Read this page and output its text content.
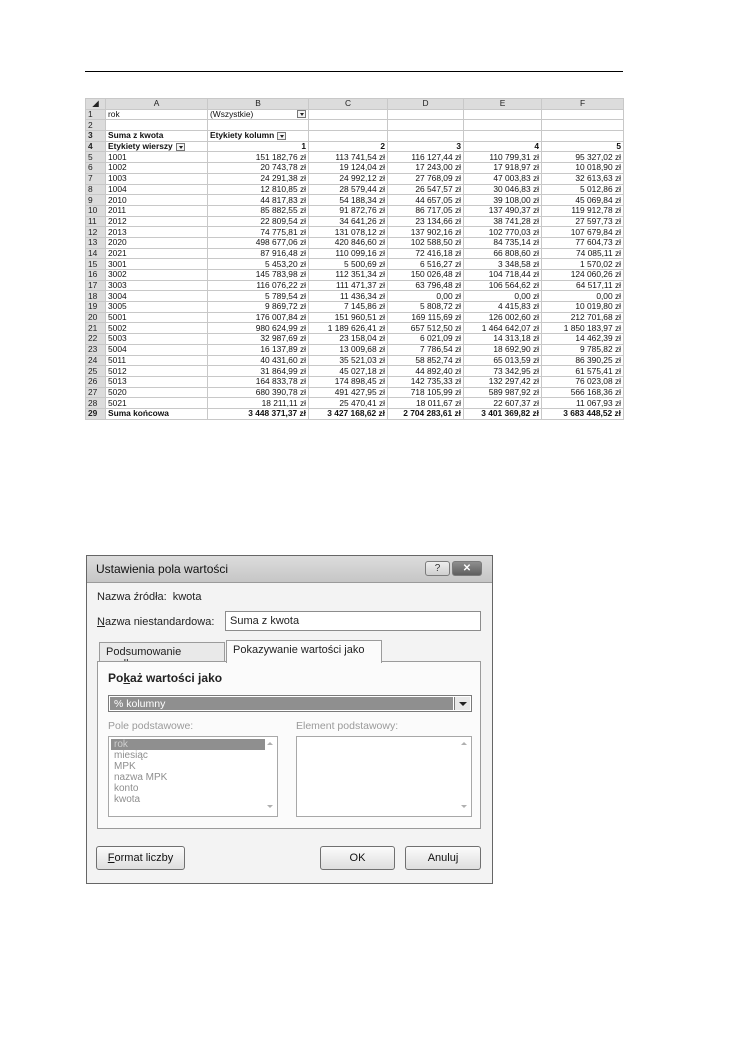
◢	A	B	C	D	E	F
1	rok	(Wszystkie)

2						
3	Suma z kwota	Etykiety kolumn				
4	Etykiety wierszy	1	2	3	4	5
5	1001	151 182,76 zł	113 741,54 zł	116 127,44 zł	110 799,31 zł	95 327,02 zł
6	1002	20 743,78 zł	19 124,04 zł	17 243,00 zł	17 918,97 zł	10 018,90 zł
7	1003	24 291,38 zł	24 992,12 zł	27 768,09 zł	47 003,83 zł	32 613,63 zł
8	1004	12 810,85 zł	28 579,44 zł	26 547,57 zł	30 046,83 zł	5 012,86 zł
9	2010	44 817,83 zł	54 188,34 zł	44 657,05 zł	39 108,00 zł	45 069,84 zł
10	2011	85 882,55 zł	91 872,76 zł	86 717,05 zł	137 490,37 zł	119 912,78 zł
11	2012	22 809,54 zł	34 641,26 zł	23 134,66 zł	38 741,28 zł	27 597,73 zł
12	2013	74 775,81 zł	131 078,12 zł	137 902,16 zł	102 770,03 zł	107 679,84 zł
13	2020	498 677,06 zł	420 846,60 zł	102 588,50 zł	84 735,14 zł	77 604,73 zł
14	2021	87 916,48 zł	110 099,16 zł	72 416,18 zł	66 808,60 zł	74 085,11 zł
15	3001	5 453,20 zł	5 500,69 zł	6 516,27 zł	3 348,58 zł	1 570,02 zł
16	3002	145 783,98 zł	112 351,34 zł	150 026,48 zł	104 718,44 zł	124 060,26 zł
17	3003	116 076,22 zł	111 471,37 zł	63 796,48 zł	106 564,62 zł	64 517,11 zł
18	3004	5 789,54 zł	11 436,34 zł	0,00 zł	0,00 zł	0,00 zł
19	3005	9 869,72 zł	7 145,86 zł	5 808,72 zł	4 415,83 zł	10 019,80 zł
20	5001	176 007,84 zł	151 960,51 zł	169 115,69 zł	126 002,60 zł	212 701,68 zł
21	5002	980 624,99 zł	1 189 626,41 zł	657 512,50 zł	1 464 642,07 zł	1 850 183,97 zł
22	5003	32 987,69 zł	23 158,04 zł	6 021,09 zł	14 313,18 zł	14 462,39 zł
23	5004	16 137,89 zł	13 009,68 zł	7 786,54 zł	18 692,90 zł	9 785,82 zł
24	5011	40 431,60 zł	35 521,03 zł	58 852,74 zł	65 013,59 zł	86 390,25 zł
25	5012	31 864,99 zł	45 027,18 zł	44 892,40 zł	73 342,95 zł	61 575,41 zł
26	5013	164 833,78 zł	174 898,45 zł	142 735,33 zł	132 297,42 zł	76 023,08 zł
27	5020	680 390,78 zł	491 427,95 zł	718 105,99 zł	589 987,92 zł	566 168,36 zł
28	5021	18 211,11 zł	25 470,41 zł	18 011,67 zł	22 607,37 zł	11 067,93 zł
29	Suma końcowa	3 448 371,37 zł	3 427 168,62 zł	2 704 283,61 zł	3 401 369,82 zł	3 683 448,52 zł
Ustawienia pola wartości	?	✕
Nazwa źródła: kwota
Nazwa niestandardowa:
Suma z kwota
Podsumowanie	Pokazywanie wartości jako
Pokaż wartości jako
% kolumny
Pole podstawowe:	Element podstawowy:
rok
miesiąc
MPK
nazwa MPK
konto
kwota
Format liczby	OK	Anuluj
